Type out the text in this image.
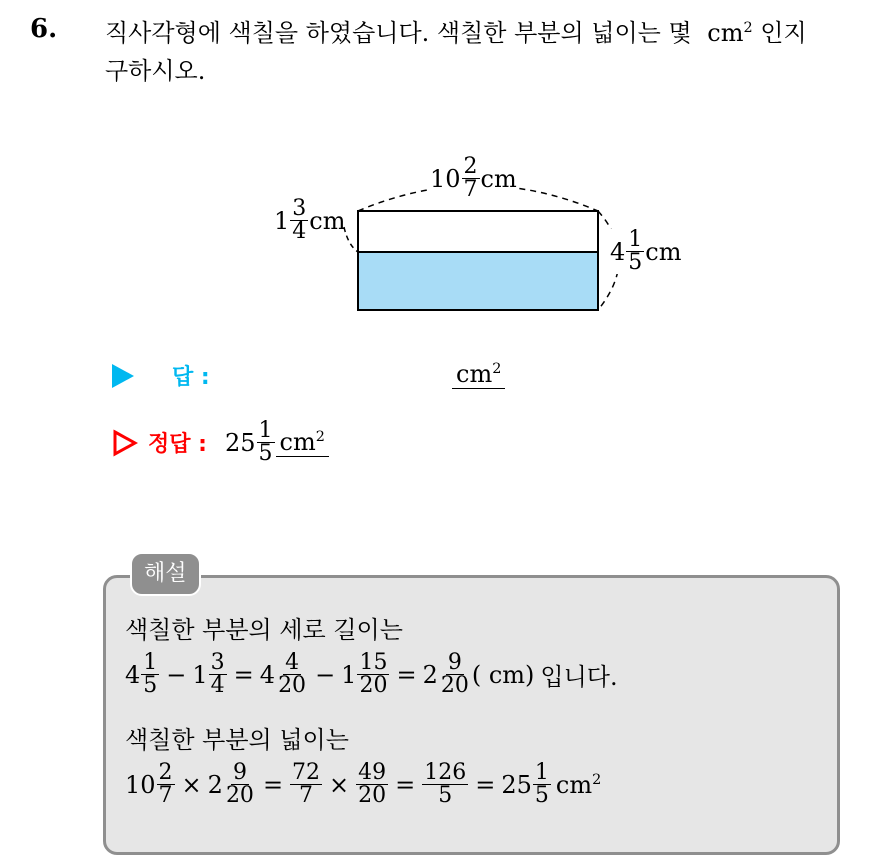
6. 직사각형에 색칠을 하였습니다. 색칠한 부분의 넓이는 몇 $cm^2$ 인지
구하시오.
$10 \frac{2}{7}$ cm
$1 \frac{3}{4}$ cm
$4 \frac{1}{5}$ cm
답 :	$cm^2$
정답 : $25 \frac{1}{5} cm^2$
해설
색칠한 부분의 세로 길이는
$4 \frac{1}{5} - 1 \frac{3}{4} = 4 \frac{4}{20} - 1 \frac{15}{20} = 2 \frac{9}{20}$ ( cm) 입니다.
색칠한 부분의 넓이는
$10 \frac{2}{7} \times 2 \frac{9}{20} = \frac{72}{7} \times \frac{49}{20} = \frac{126}{5} = 25 \frac{1}{5} cm^2$
